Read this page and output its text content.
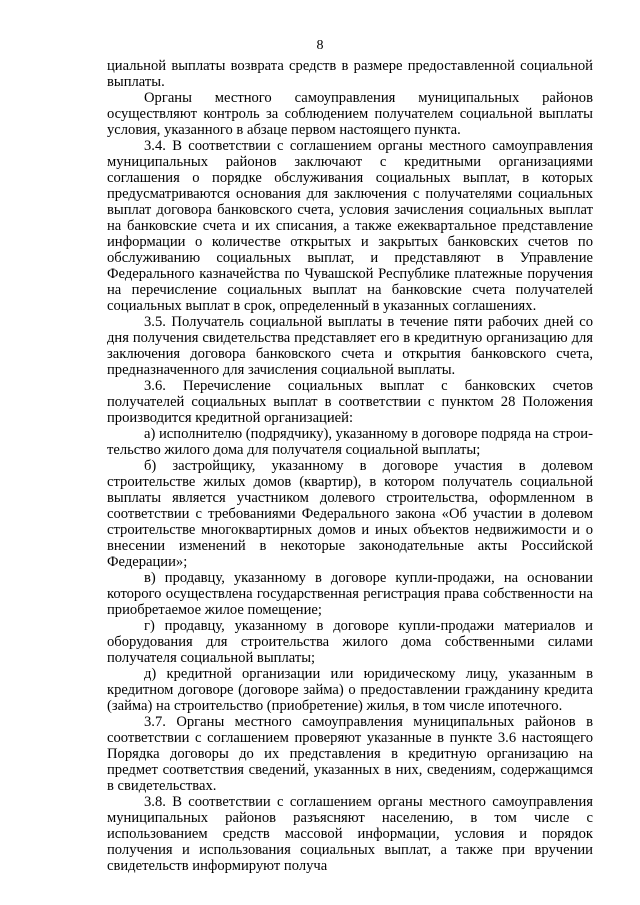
8

циальной выплаты возврата средств в размере предоставленной социальной выплаты.

Органы местного самоуправления муниципальных районов осуществляют контроль за соблюдением получателем социальной выплаты условия, указанного в абзаце первом настоящего пункта.

3.4. В соответствии с соглашением органы местного самоуправления муниципальных районов заключают с кредитными организациями соглашения о порядке обслуживания социальных выплат, в которых предусматриваются основания для заключения с получателями социальных выплат договора банковского счета, условия зачисления социальных выплат на банковские счета и их списания, а также ежеквартальное представление информации о количестве открытых и закрытых банковских счетов по обслуживанию социальных выплат, и представляют в Управление Федерального казначейства по Чувашской Республике платежные поручения на перечисление социальных выплат на банковские счета получателей социальных выплат в срок, определенный в указанных соглашениях.

3.5. Получатель социальной выплаты в течение пяти рабочих дней со дня получения свидетельства представляет его в кредитную организацию для заключения договора банковского счета и открытия банковского счета, предназначенного для зачисления социальной выплаты.

3.6. Перечисление социальных выплат с банковских счетов получателей социальных выплат в соответствии с пунктом 28 Положения производится кредитной организацией:

а) исполнителю (подрядчику), указанному в договоре подряда на строительство жилого дома для получателя социальной выплаты;

б) застройщику, указанному в договоре участия в долевом строительстве жилых домов (квартир), в котором получатель социальной выплаты является участником долевого строительства, оформленном в соответствии с требованиями Федерального закона «Об участии в долевом строительстве многоквартирных домов и иных объектов недвижимости и о внесении изменений в некоторые законодательные акты Российской Федерации»;

в) продавцу, указанному в договоре купли-продажи, на основании которого осуществлена государственная регистрация права собственности на приобретаемое жилое помещение;

г) продавцу, указанному в договоре купли-продажи материалов и оборудования для строительства жилого дома собственными силами получателя социальной выплаты;

д) кредитной организации или юридическому лицу, указанным в кредитном договоре (договоре займа) о предоставлении гражданину кредита (займа) на строительство (приобретение) жилья, в том числе ипотечного.

3.7. Органы местного самоуправления муниципальных районов в соответствии с соглашением проверяют указанные в пункте 3.6 настоящего Порядка договоры до их представления в кредитную организацию на предмет соответствия сведений, указанных в них, сведениям, содержащимся в свидетельствах.

3.8. В соответствии с соглашением органы местного самоуправления муниципальных районов разъясняют населению, в том числе с использованием средств массовой информации, условия и порядок получения и использования социальных выплат, а также при вручении свидетельств информируют получа
